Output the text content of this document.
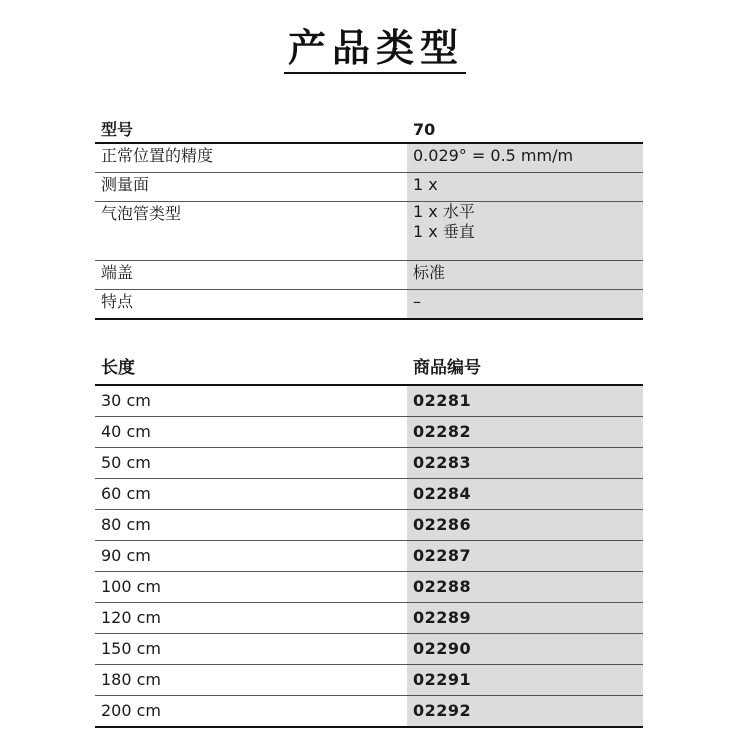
产品类型
型号	70
正常位置的精度	0.029° = 0.5 mm/m
测量面	1 x
气泡管类型	1 x 水平
1 x 垂直

端盖	标准
特点	–
长度	商品编号
30 cm	02281
40 cm	02282
50 cm	02283
60 cm	02284
80 cm	02286
90 cm	02287
100 cm	02288
120 cm	02289
150 cm	02290
180 cm	02291
200 cm	02292
